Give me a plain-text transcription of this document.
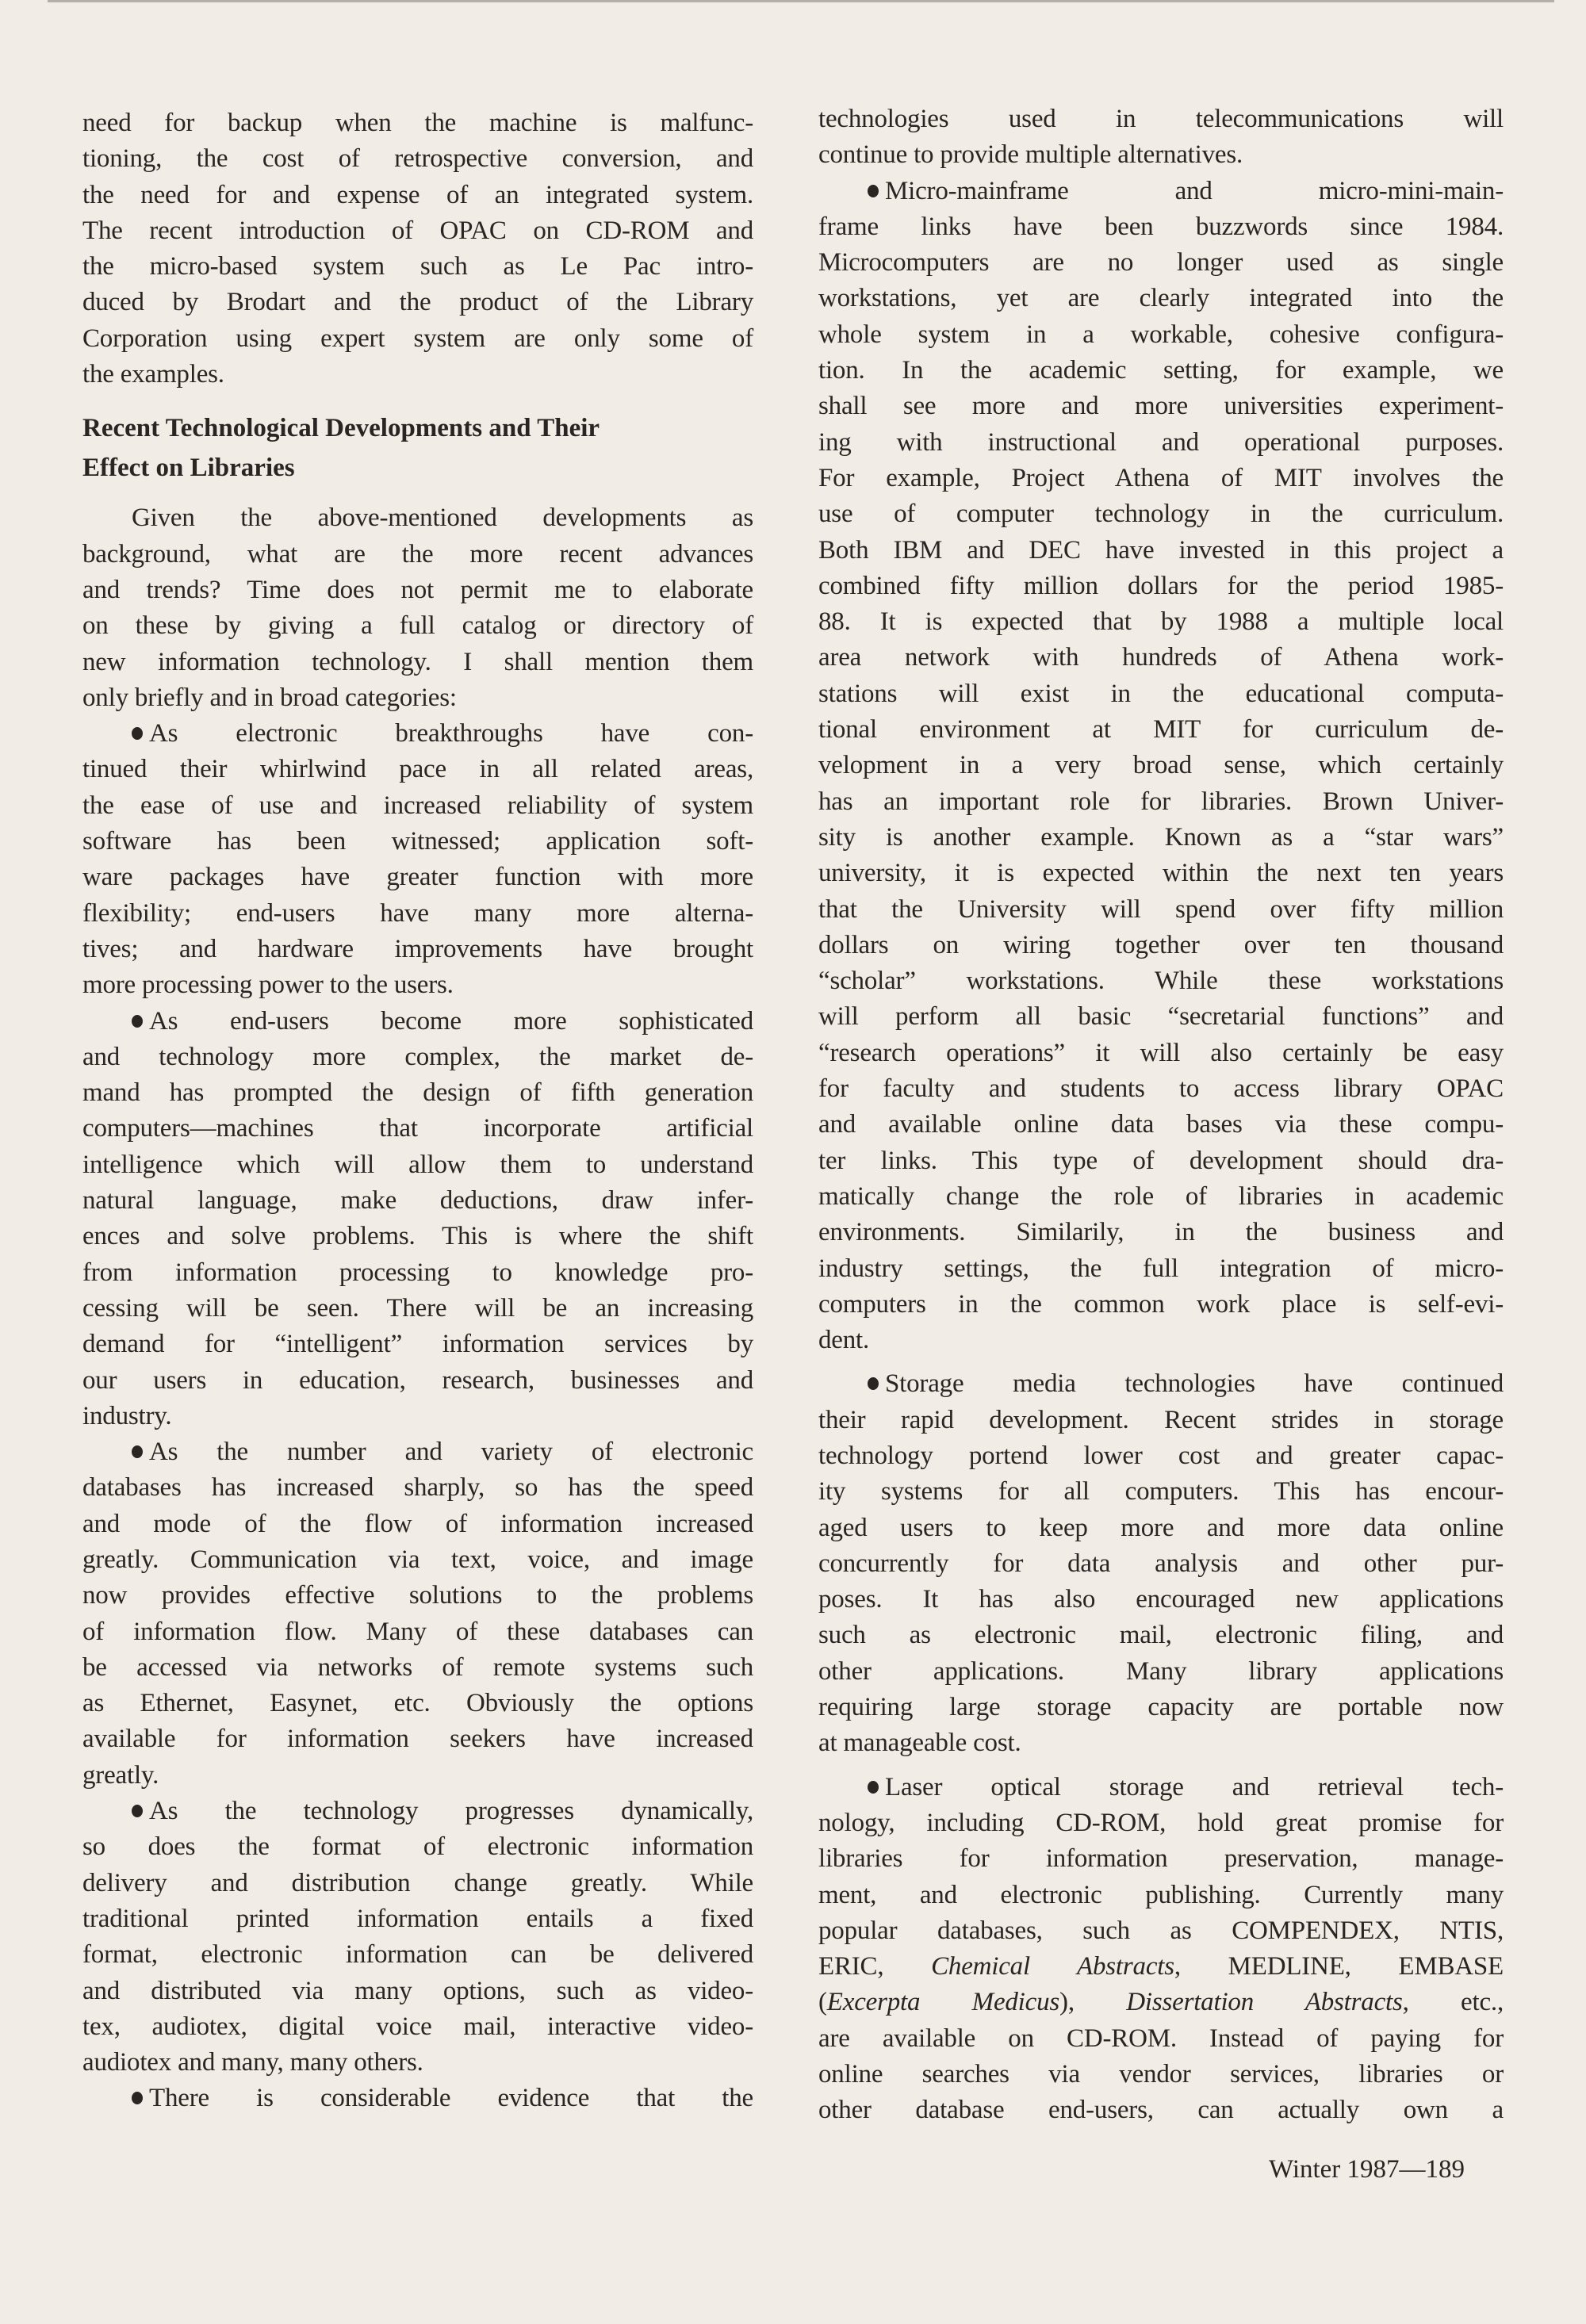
need for backup when the machine is malfunc-
tioning, the cost of retrospective conversion, and
the need for and expense of an integrated system.
The recent introduction of OPAC on CD-ROM and
the micro-based system such as Le Pac intro-
duced by Brodart and the product of the Library
Corporation using expert system are only some of
the examples.
Recent Technological Developments and Their
Effect on Libraries
Given the above-mentioned developments as
background, what are the more recent advances
and trends? Time does not permit me to elaborate
on these by giving a full catalog or directory of
new information technology. I shall mention them
only briefly and in broad categories:
As electronic breakthroughs have con-
tinued their whirlwind pace in all related areas,
the ease of use and increased reliability of system
software has been witnessed; application soft-
ware packages have greater function with more
flexibility; end-users have many more alterna-
tives; and hardware improvements have brought
more processing power to the users.
As end-users become more sophisticated
and technology more complex, the market de-
mand has prompted the design of fifth generation
computers—machines that incorporate artificial
intelligence which will allow them to understand
natural language, make deductions, draw infer-
ences and solve problems. This is where the shift
from information processing to knowledge pro-
cessing will be seen. There will be an increasing
demand for “intelligent” information services by
our users in education, research, businesses and
industry.
As the number and variety of electronic
databases has increased sharply, so has the speed
and mode of the flow of information increased
greatly. Communication via text, voice, and image
now provides effective solutions to the problems
of information flow. Many of these databases can
be accessed via networks of remote systems such
as Ethernet, Easynet, etc. Obviously the options
available for information seekers have increased
greatly.
As the technology progresses dynamically,
so does the format of electronic information
delivery and distribution change greatly. While
traditional printed information entails a fixed
format, electronic information can be delivered
and distributed via many options, such as video-
tex, audiotex, digital voice mail, interactive video-
audiotex and many, many others.
There is considerable evidence that the
technologies used in telecommunications will
continue to provide multiple alternatives.
Micro-mainframe and micro-mini-main-
frame links have been buzzwords since 1984.
Microcomputers are no longer used as single
workstations, yet are clearly integrated into the
whole system in a workable, cohesive configura-
tion. In the academic setting, for example, we
shall see more and more universities experiment-
ing with instructional and operational purposes.
For example, Project Athena of MIT involves the
use of computer technology in the curriculum.
Both IBM and DEC have invested in this project a
combined fifty million dollars for the period 1985-
88. It is expected that by 1988 a multiple local
area network with hundreds of Athena work-
stations will exist in the educational computa-
tional environment at MIT for curriculum de-
velopment in a very broad sense, which certainly
has an important role for libraries. Brown Univer-
sity is another example. Known as a “star wars”
university, it is expected within the next ten years
that the University will spend over fifty million
dollars on wiring together over ten thousand
“scholar” workstations. While these workstations
will perform all basic “secretarial functions” and
“research operations” it will also certainly be easy
for faculty and students to access library OPAC
and available online data bases via these compu-
ter links. This type of development should dra-
matically change the role of libraries in academic
environments. Similarily, in the business and
industry settings, the full integration of micro-
computers in the common work place is self-evi-
dent.
Storage media technologies have continued
their rapid development. Recent strides in storage
technology portend lower cost and greater capac-
ity systems for all computers. This has encour-
aged users to keep more and more data online
concurrently for data analysis and other pur-
poses. It has also encouraged new applications
such as electronic mail, electronic filing, and
other applications. Many library applications
requiring large storage capacity are portable now
at manageable cost.
Laser optical storage and retrieval tech-
nology, including CD-ROM, hold great promise for
libraries for information preservation, manage-
ment, and electronic publishing. Currently many
popular databases, such as COMPENDEX, NTIS,
ERIC, Chemical Abstracts, MEDLINE, EMBASE
(Excerpta Medicus), Dissertation Abstracts, etc.,
are available on CD-ROM. Instead of paying for
online searches via vendor services, libraries or
other database end-users, can actually own a
Winter 1987—189
